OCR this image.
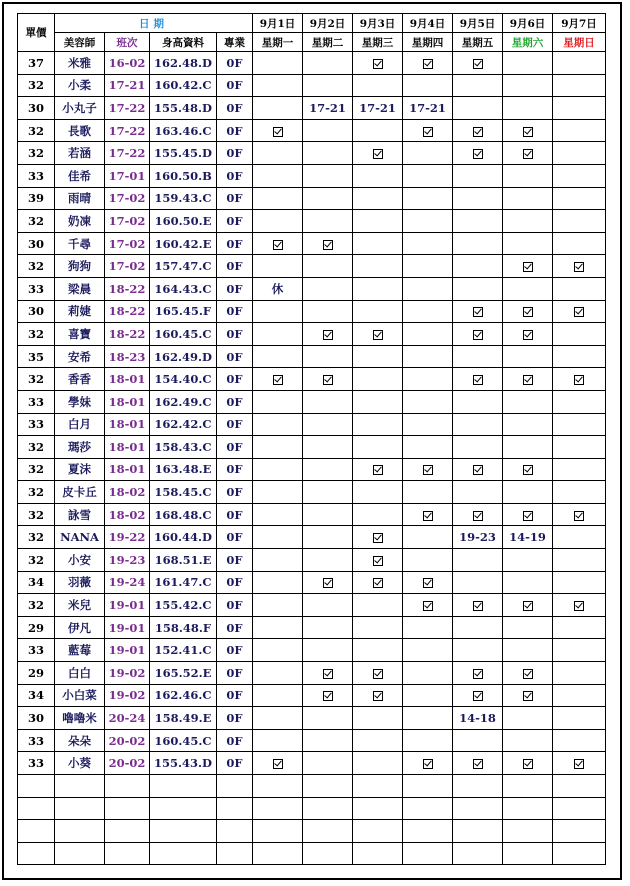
單價	日期				9月1日	9月2日	9月3日	9月4日	9月5日	9月6日	9月7日
	美容師	班次	身高資料	專業	星期一	星期二	星期三	星期四	星期五	星期六	星期日
37	米雅	16-02	162.48.D	0F							
32	小柔	17-21	160.42.C	0F							
30	小丸子	17-22	155.48.D	0F		17-21	17-21	17-21			
32	長歌	17-22	163.46.C	0F							
32	若涵	17-22	155.45.D	0F							
33	佳希	17-01	160.50.B	0F							
39	雨晴	17-02	159.43.C	0F							
32	奶凍	17-02	160.50.E	0F							
30	千尋	17-02	160.42.E	0F							
32	狗狗	17-02	157.47.C	0F							
33	梁晨	18-22	164.43.C	0F	休						
30	莉婕	18-22	165.45.F	0F							
32	喜寶	18-22	160.45.C	0F							
35	安希	18-23	162.49.D	0F							
32	香香	18-01	154.40.C	0F							
33	學妹	18-01	162.49.C	0F							
33	白月	18-01	162.42.C	0F							
32	瑪莎	18-01	158.43.C	0F							
32	夏沫	18-01	163.48.E	0F							
32	皮卡丘	18-02	158.45.C	0F							
32	詠雪	18-02	168.48.C	0F							
32	NANA	19-22	160.44.D	0F					19-23	14-19	
32	小安	19-23	168.51.E	0F							
34	羽薇	19-24	161.47.C	0F							
32	米兒	19-01	155.42.C	0F							
29	伊凡	19-01	158.48.F	0F							
33	藍莓	19-01	152.41.C	0F							
29	白白	19-02	165.52.E	0F							
34	小白菜	19-02	162.46.C	0F							
30	嚕嚕米	20-24	158.49.E	0F					14-18		
33	朵朵	20-02	160.45.C	0F							
33	小葵	20-02	155.43.D	0F							
